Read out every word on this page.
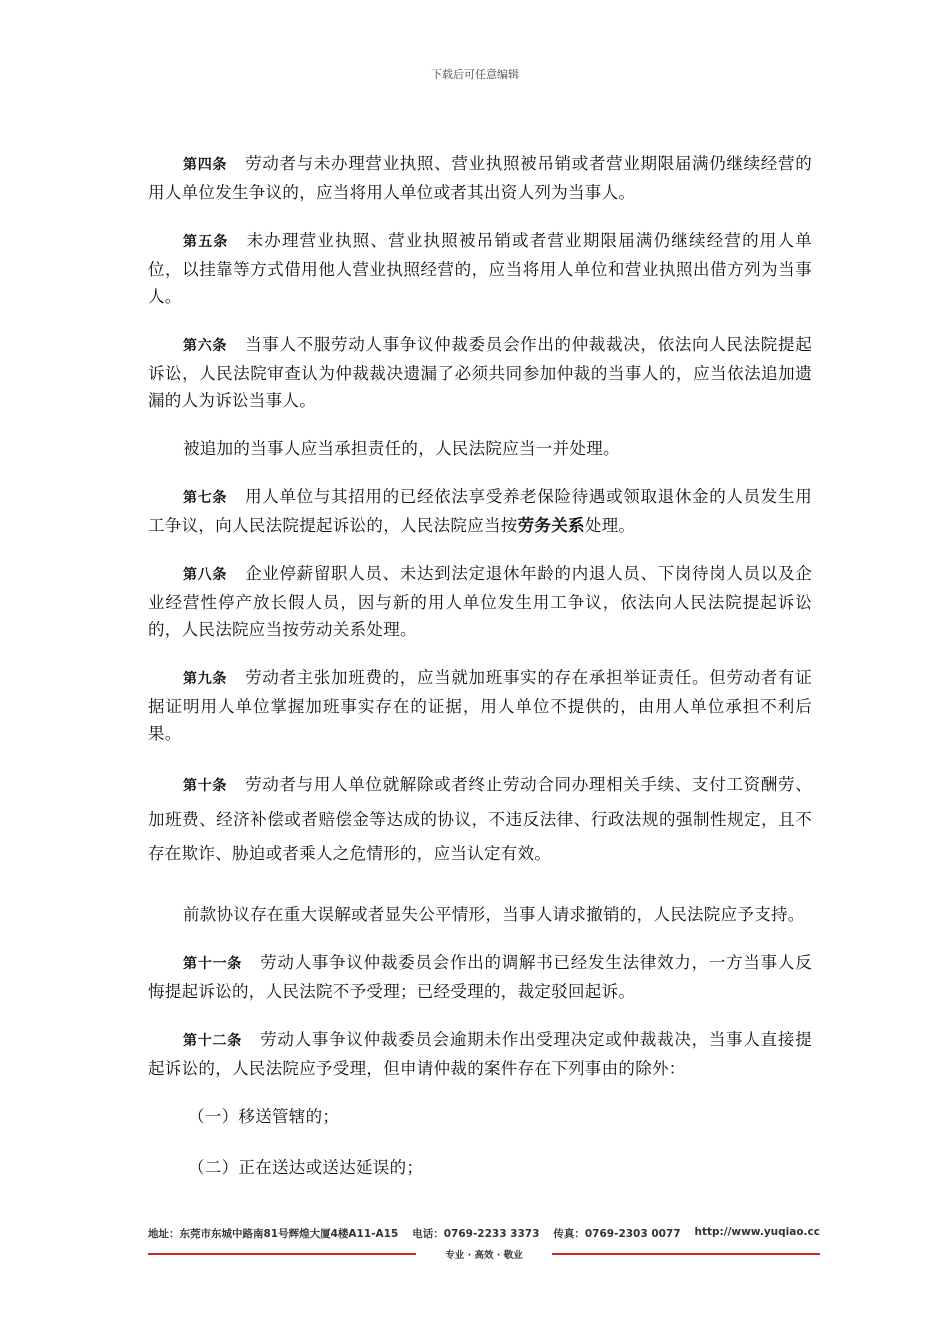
下载后可任意编辑

第四条 劳动者与未办理营业执照、营业执照被吊销或者营业期限届满仍继续经营的用人单位发生争议的，应当将用人单位或者其出资人列为当事人。

第五条 未办理营业执照、营业执照被吊销或者营业期限届满仍继续经营的用人单位，以挂靠等方式借用他人营业执照经营的，应当将用人单位和营业执照出借方列为当事人。

第六条 当事人不服劳动人事争议仲裁委员会作出的仲裁裁决，依法向人民法院提起诉讼，人民法院审查认为仲裁裁决遗漏了必须共同参加仲裁的当事人的，应当依法追加遗漏的人为诉讼当事人。

被追加的当事人应当承担责任的，人民法院应当一并处理。

第七条 用人单位与其招用的已经依法享受养老保险待遇或领取退休金的人员发生用工争议，向人民法院提起诉讼的，人民法院应当按劳务关系处理。

第八条 企业停薪留职人员、未达到法定退休年龄的内退人员、下岗待岗人员以及企业经营性停产放长假人员，因与新的用人单位发生用工争议，依法向人民法院提起诉讼的，人民法院应当按劳动关系处理。

第九条 劳动者主张加班费的，应当就加班事实的存在承担举证责任。但劳动者有证据证明用人单位掌握加班事实存在的证据，用人单位不提供的，由用人单位承担不利后果。

第十条 劳动者与用人单位就解除或者终止劳动合同办理相关手续、支付工资酬劳、加班费、经济补偿或者赔偿金等达成的协议，不违反法律、行政法规的强制性规定，且不存在欺诈、胁迫或者乘人之危情形的，应当认定有效。

前款协议存在重大误解或者显失公平情形，当事人请求撤销的，人民法院应予支持。

第十一条 劳动人事争议仲裁委员会作出的调解书已经发生法律效力，一方当事人反悔提起诉讼的，人民法院不予受理；已经受理的，裁定驳回起诉。

第十二条 劳动人事争议仲裁委员会逾期未作出受理决定或仲裁裁决，当事人直接提起诉讼的，人民法院应予受理，但申请仲裁的案件存在下列事由的除外：

（一）移送管辖的；
（二）正在送达或送达延误的；
地址：东莞市东城中路南81号辉煌大厦4楼A11-A15 电话：0769-2233 3373 传真：0769-2303 0077 http://www.yuqiao.cc
专业 · 高效 · 敬业
